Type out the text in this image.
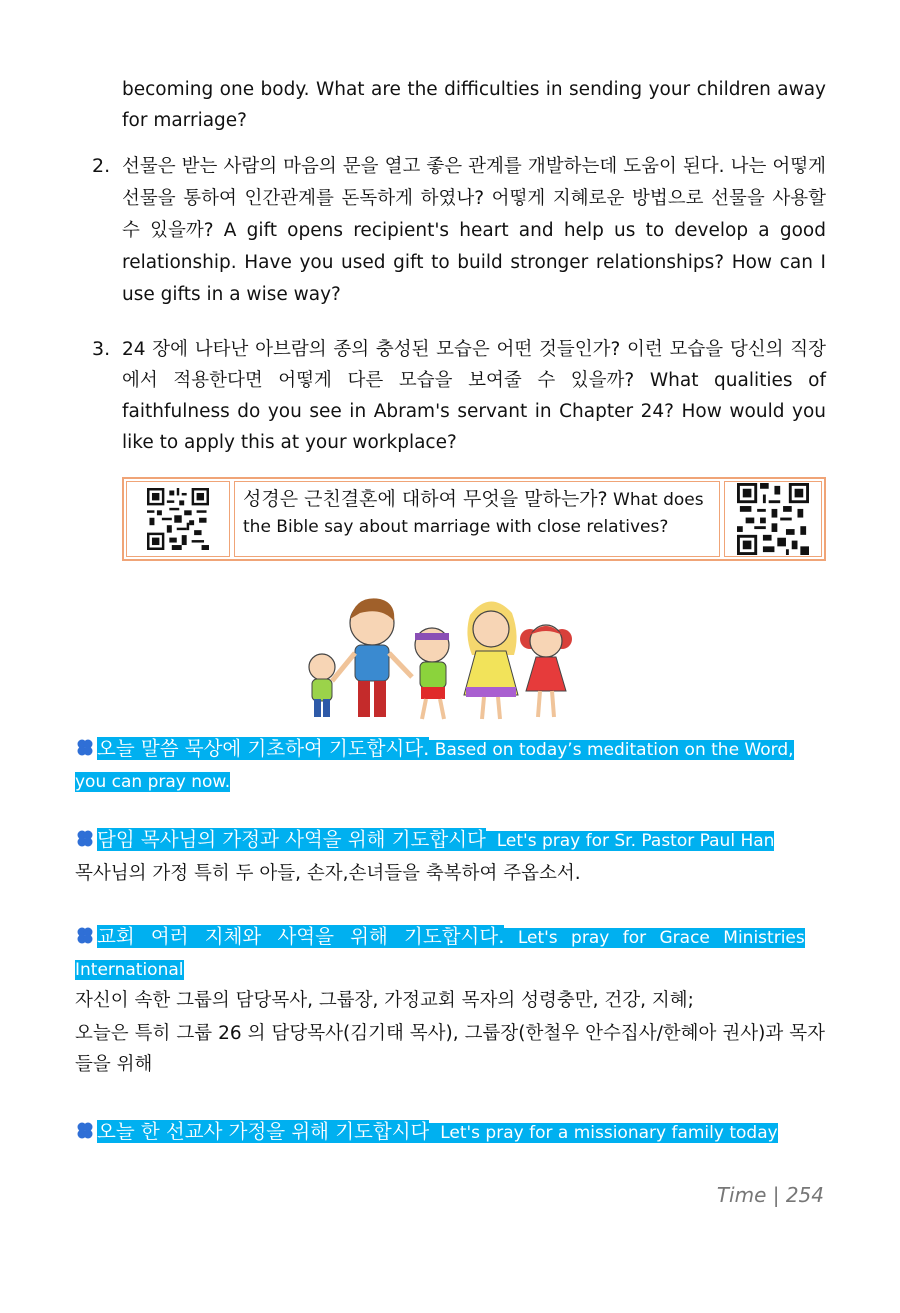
becoming one body. What are the difficulties in sending your children away for marriage?
2. 선물은 받는 사람의 마음의 문을 열고 좋은 관계를 개발하는데 도움이 된다. 나는 어떻게 선물을 통하여 인간관계를 돈독하게 하였나? 어떻게 지혜로운 방법으로 선물을 사용할 수 있을까? A gift opens recipient's heart and help us to develop a good relationship. Have you used gift to build stronger relationships? How can I use gifts in a wise way?
3. 24 장에 나타난 아브람의 종의 충성된 모습은 어떤 것들인가? 이런 모습을 당신의 직장에서 적용한다면 어떻게 다른 모습을 보여줄 수 있을까? What qualities of faithfulness do you see in Abram's servant in Chapter 24? How would you like to apply this at your workplace?
성경은 근친결혼에 대하여 무엇을 말하는가? What does the Bible say about marriage with close relatives?
오늘 말씀 묵상에 기초하여 기도합시다. Based on today’s meditation on the Word, you can pray now.
담임 목사님의 가정과 사역을 위해 기도합시다 Let's pray for Sr. Pastor Paul Han
목사님의 가정 특히 두 아들, 손자,손녀들을 축복하여 주옵소서.
교회 여러 지체와 사역을 위해 기도합시다. Let's pray for Grace Ministries International
자신이 속한 그룹의 담당목사, 그룹장, 가정교회 목자의 성령충만, 건강, 지혜;
오늘은 특히 그룹 26 의 담당목사(김기태 목사), 그룹장(한철우 안수집사/한혜아 권사)과 목자들을 위해
오늘 한 선교사 가정을 위해 기도합시다 Let's pray for a missionary family today
Time | 254
